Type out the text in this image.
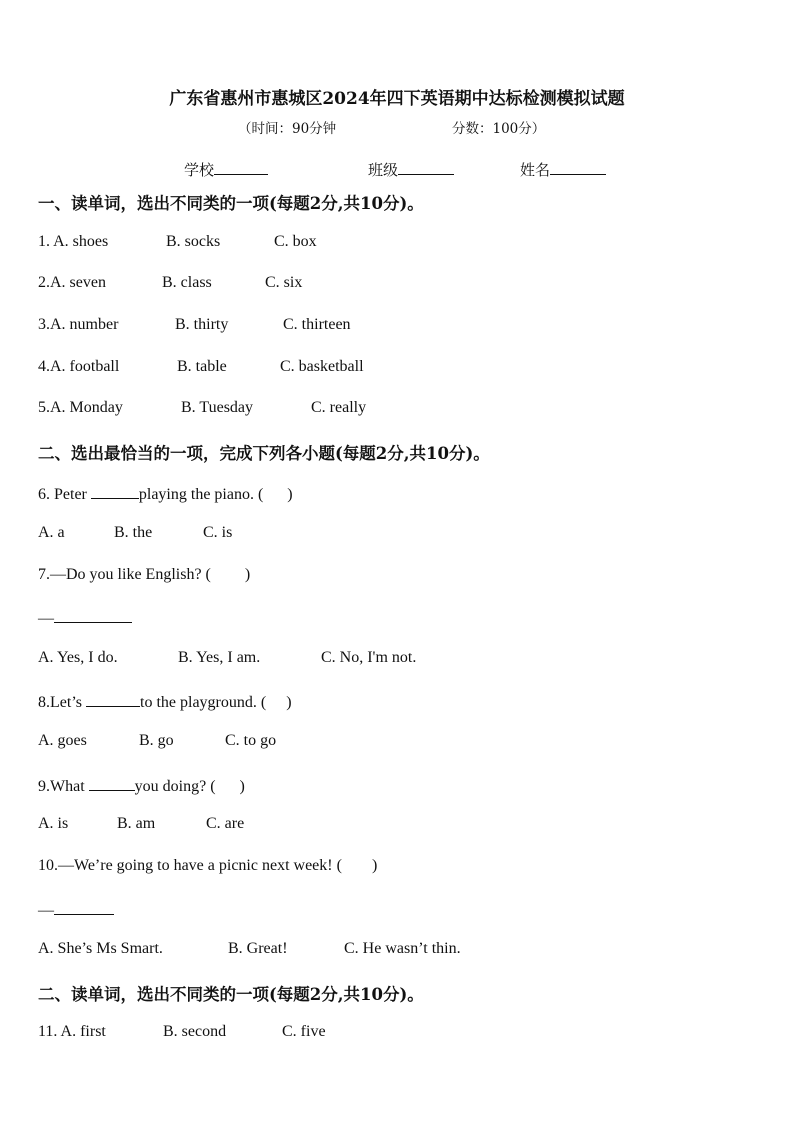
广东省惠州市惠城区2024年四下英语期中达标检测模拟试题
（时间：90分钟	分数：100分）
学校	班级	姓名
一、读单词，选出不同类的一项(每题2分,共10分)。
1. A. shoes	B. socks	C. box
2.A. seven	B. class	C. six
3.A. number	B. thirty	C. thirteen
4.A. football	B. table	C. basketball
5.A. Monday	B. Tuesday	C. really
二、选出最恰当的一项，完成下列各小题(每题2分,共10分)。
6. Peter	playing the piano. ( )
A. a	B. the	C. is
7.—Do you like English? ( )
—
A. Yes, I do.	B. Yes, I am.	C. No, I'm not.
8.Let’s	to the playground. ( )
A. goes	B. go	C. to go
9.What	you doing? ( )
A. is	B. am	C. are
10.—We’re going to have a picnic next week! ( )
—
A. She’s Ms Smart.	B. Great!	C. He wasn’t thin.
二、读单词，选出不同类的一项(每题2分,共10分)。
11. A. first	B. second	C. five
